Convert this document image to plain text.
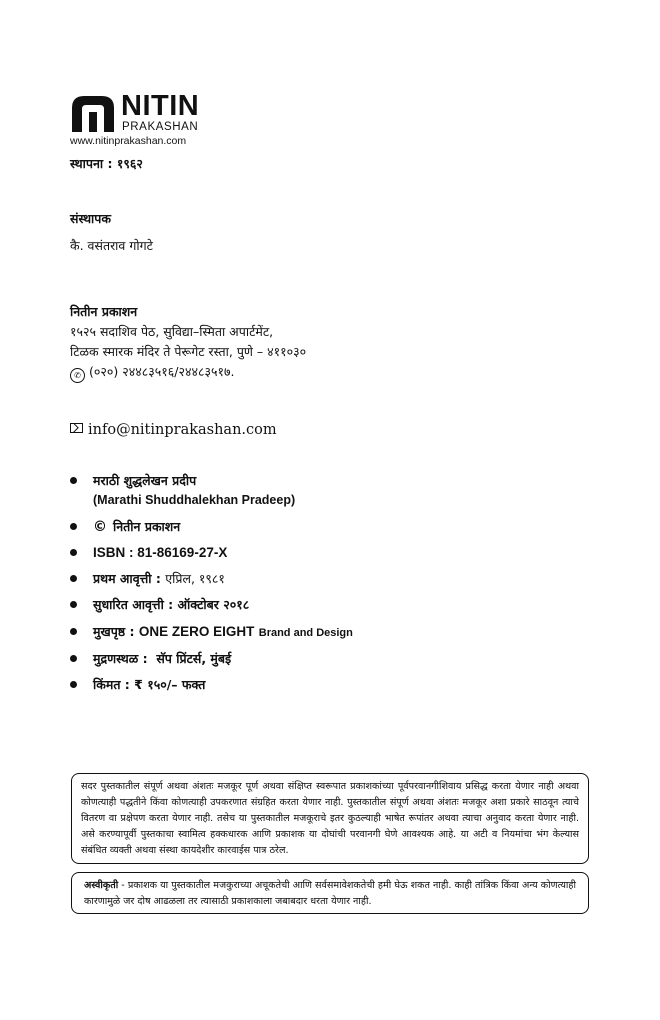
NITIN
PRAKASHAN
www.nitinprakashan.com
स्थापना : १९६२
संस्थापक
कै. वसंतराव गोगटे
नितीन प्रकाशन
१५२५ सदाशिव पेठ, सुविद्या–स्मिता अपार्टमेंट,
टिळक स्मारक मंदिर ते पेरूगेट रस्ता, पुणे – ४११०३०
✆ (०२०) २४४८३५१६/२४४८३५१७.
info@nitinprakashan.com
मराठी शुद्धलेखन प्रदीप
(Marathi Shuddhalekhan Pradeep)
© नितीन प्रकाशन
ISBN : 81-86169-27-X
प्रथम आवृत्ती : एप्रिल, १९८१
सुधारित आवृत्ती : ऑक्टोबर २०१८
मुखपृष्ठ : ONE ZERO EIGHT Brand and Design
मुद्रणस्थळ : सॅप प्रिंटर्स, मुंबई
किंमत : ₹ १५०/– फक्त
सदर पुस्तकातील संपूर्ण अथवा अंशतः मजकूर पूर्ण अथवा संक्षिप्त स्वरूपात प्रकाशकांच्या पूर्वपरवानगीशिवाय प्रसिद्ध करता येणार नाही अथवा कोणत्याही पद्धतीने किंवा कोणत्याही उपकरणात संग्रहित करता येणार नाही. पुस्तकातील संपूर्ण अथवा अंशतः मजकूर अशा प्रकारे साठवून त्याचे वितरण वा प्रक्षेपण करता येणार नाही. तसेच या पुस्तकातील मजकूराचे इतर कुठल्याही भाषेत रूपांतर अथवा त्याचा अनुवाद करता येणार नाही. असे करण्यापूर्वी पुस्तकाचा स्वामित्व हक्कधारक आणि प्रकाशक या दोघांची परवानगी घेणे आवश्यक आहे. या अटी व नियमांचा भंग केल्यास संबंधित व्यक्ती अथवा संस्था कायदेशीर कारवाईस पात्र ठरेल.
अस्वीकृती - प्रकाशक या पुस्तकातील मजकुराच्या अचूकतेची आणि सर्वसमावेशकतेची हमी घेऊ शकत नाही. काही तांत्रिक किंवा अन्य कोणत्याही कारणामुळे जर दोष आढळला तर त्यासाठी प्रकाशकाला जबाबदार धरता येणार नाही.
